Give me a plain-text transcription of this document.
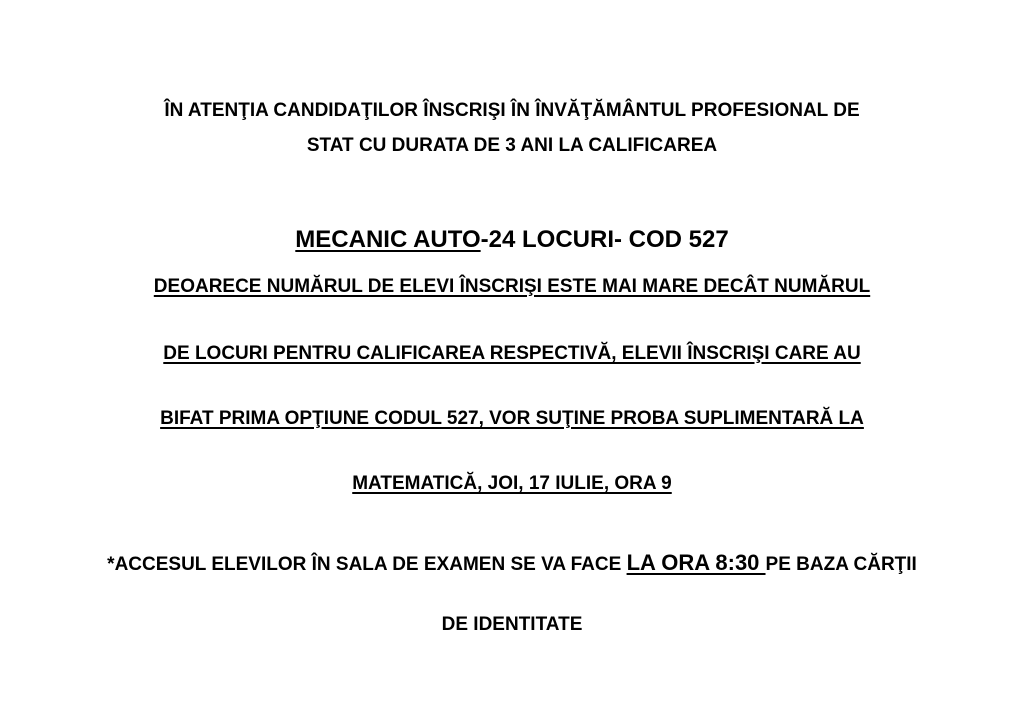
ÎN ATENŢIA CANDIDAŢILOR ÎNSCRIŞI ÎN ÎNVĂŢĂMÂNTUL PROFESIONAL DE
STAT CU DURATA DE 3 ANI LA CALIFICAREA
MECANIC AUTO-24 LOCURI- COD 527
DEOARECE NUMĂRUL DE ELEVI ÎNSCRIŞI ESTE MAI MARE DECÂT NUMĂRUL
DE LOCURI PENTRU CALIFICAREA RESPECTIVĂ, ELEVII ÎNSCRIŞI CARE AU
BIFAT PRIMA OPŢIUNE CODUL 527, VOR SUŢINE PROBA SUPLIMENTARĂ LA
MATEMATICĂ, JOI, 17 IULIE, ORA 9
*ACCESUL ELEVILOR ÎN SALA DE EXAMEN SE VA FACE LA ORA 8:30 PE BAZA CĂRŢII
DE IDENTITATE
